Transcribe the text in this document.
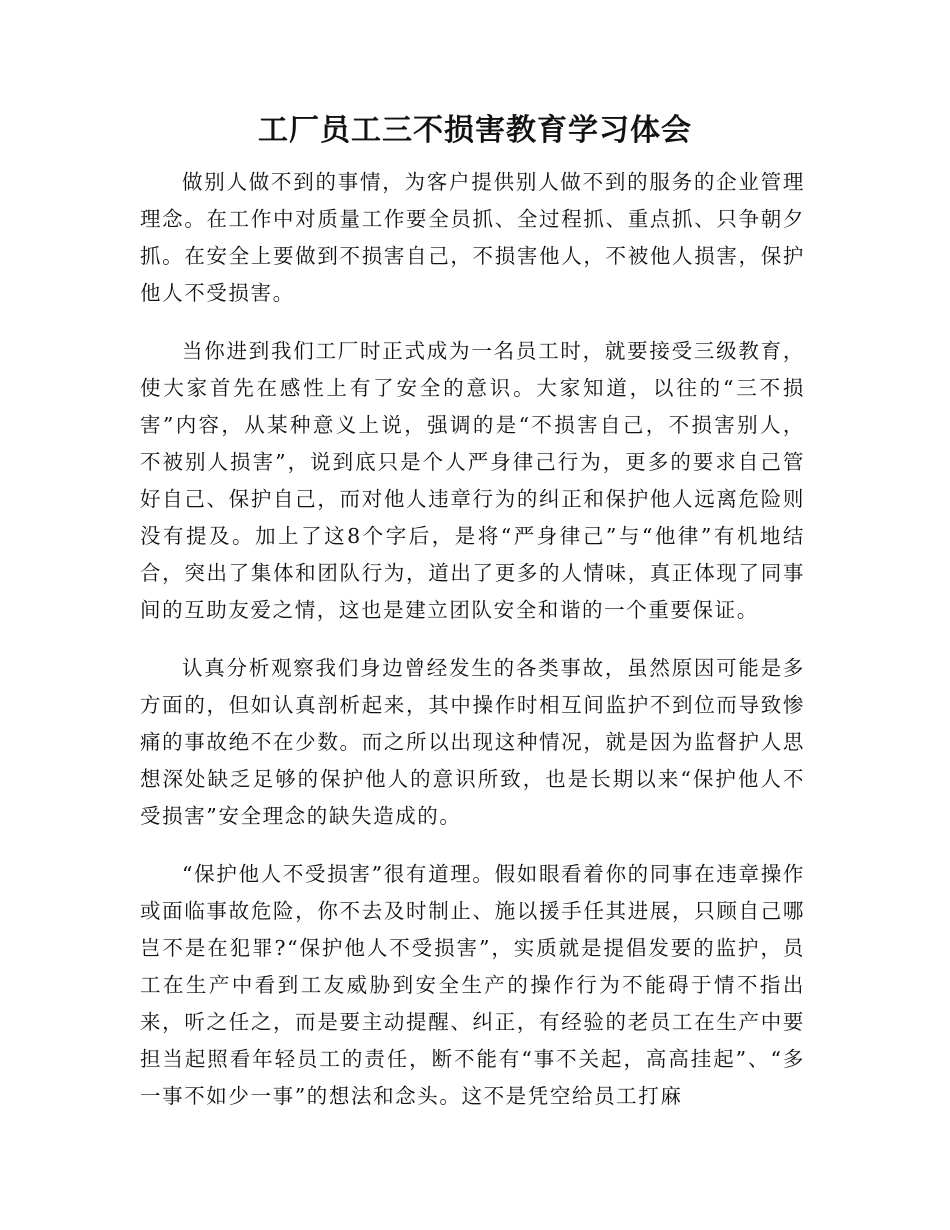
工厂员工三不损害教育学习体会

做别人做不到的事情，为客户提供别人做不到的服务的企业管理理念。在工作中对质量工作要全员抓、全过程抓、重点抓、只争朝夕抓。在安全上要做到不损害自己，不损害他人，不被他人损害，保护他人不受损害。

当你进到我们工厂时正式成为一名员工时，就要接受三级教育，使大家首先在感性上有了安全的意识。大家知道，以往的“三不损害”内容，从某种意义上说，强调的是“不损害自己，不损害别人，不被别人损害”，说到底只是个人严身律己行为，更多的要求自己管好自己、保护自己，而对他人违章行为的纠正和保护他人远离危险则没有提及。加上了这8个字后，是将“严身律己”与“他律”有机地结合，突出了集体和团队行为，道出了更多的人情味，真正体现了同事间的互助友爱之情，这也是建立团队安全和谐的一个重要保证。

认真分析观察我们身边曾经发生的各类事故，虽然原因可能是多方面的，但如认真剖析起来，其中操作时相互间监护不到位而导致惨痛的事故绝不在少数。而之所以出现这种情况，就是因为监督护人思想深处缺乏足够的保护他人的意识所致，也是长期以来“保护他人不受损害”安全理念的缺失造成的。

“保护他人不受损害”很有道理。假如眼看着你的同事在违章操作或面临事故危险，你不去及时制止、施以援手任其进展，只顾自己哪岂不是在犯罪?“保护他人不受损害”，实质就是提倡发要的监护，员工在生产中看到工友威胁到安全生产的操作行为不能碍于情不指出来，听之任之，而是要主动提醒、纠正，有经验的老员工在生产中要担当起照看年轻员工的责任，断不能有“事不关起，高高挂起”、“多一事不如少一事”的想法和念头。这不是凭空给员工打麻
